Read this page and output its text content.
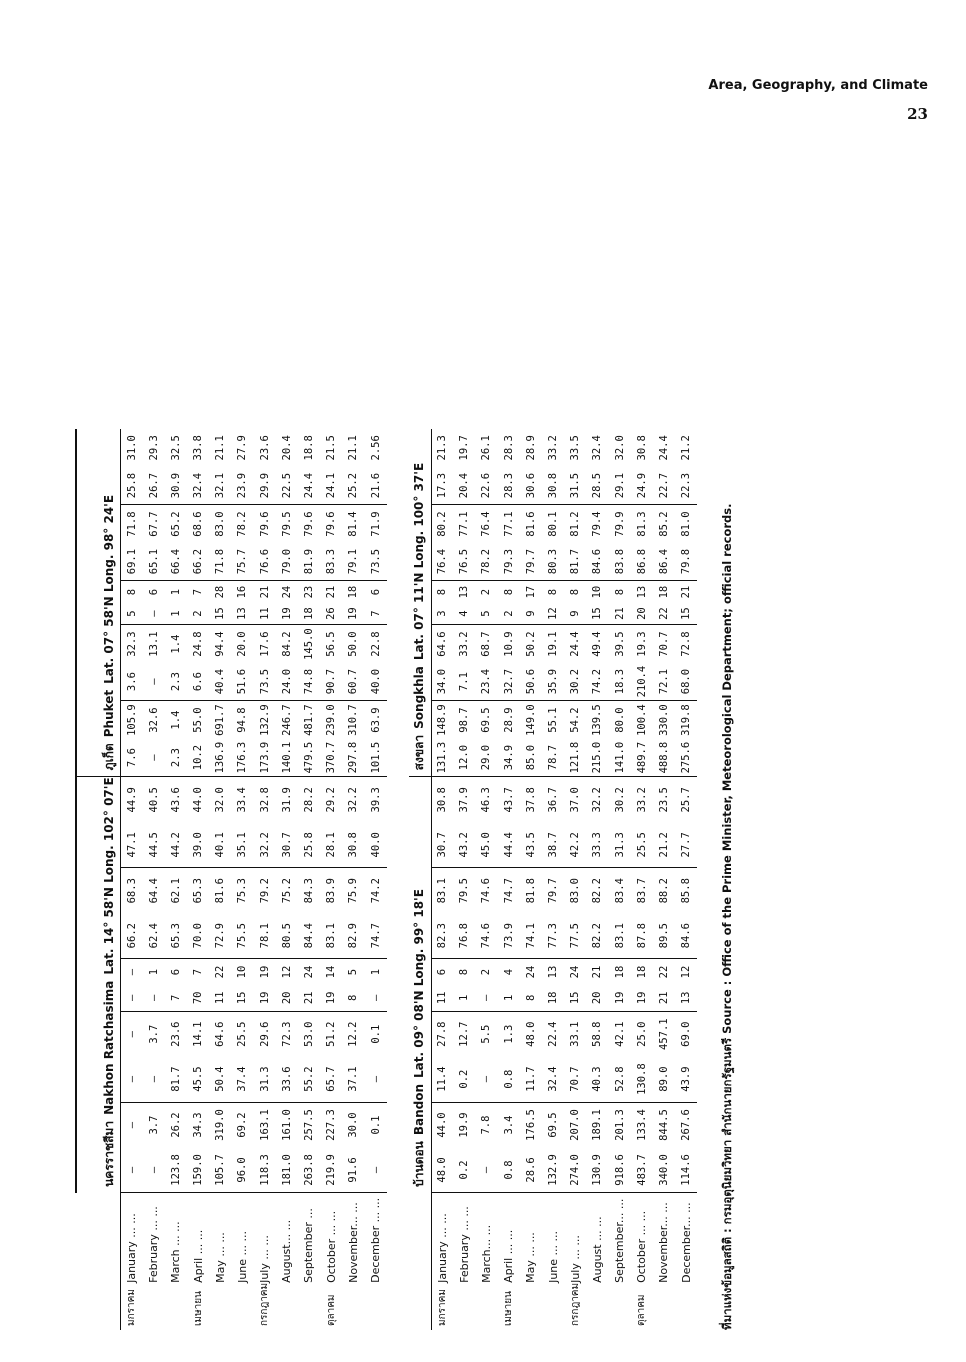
Area, Geography, and Climate
23

		นครราชสีมาNakhon RatchasimaLat. 14° 58'N Long. 102° 07'E										ภูเก็ตPhuketLat. 07° 58'N Long. 98° 24'E									
มกราคม	January ... ...	—	—	—	—	—	—	66.2	68.3	47.1	44.9	7.6	105.9	3.6	32.3	5	8	69.1	71.8	25.8	31.0
	February ... ...	—	3.7	—	3.7	—	1	62.4	64.4	44.5	40.5	—	32.6	—	13.1	—	6	65.1	67.7	26.7	29.3
	March ... ...	123.8	26.2	81.7	23.6	7	6	65.3	62.1	44.2	43.6	2.3	1.4	2.3	1.4	1	1	66.4	65.2	30.9	32.5
เมษายน	April ... ...	159.0	34.3	45.5	14.1	70	7	70.0	65.3	39.0	44.0	10.2	55.0	6.6	24.8	2	7	66.2	68.6	32.4	33.8
	May ... ...	105.7	319.0	50.4	64.6	11	22	72.9	81.6	40.1	32.0	136.9	691.7	40.4	94.4	15	28	71.8	83.0	32.1	21.1
	June ... ...	96.0	69.2	37.4	25.5	15	10	75.5	75.3	35.1	33.4	176.3	94.8	51.6	20.0	13	16	75.7	78.2	23.9	27.9
กรกฎาคม	July ... ...	118.3	163.1	31.3	29.6	19	19	78.1	79.2	32.2	32.8	173.9	132.9	73.5	17.6	11	21	76.6	79.6	29.9	23.6
	August... ...	181.0	161.0	33.6	72.3	20	12	80.5	75.2	30.7	31.9	140.1	246.7	24.0	84.2	19	24	79.0	79.5	22.5	20.4
	September ...	263.8	257.5	55.2	53.0	21	24	84.4	84.3	25.8	28.2	479.5	481.7	74.8	145.0	18	23	81.9	79.6	24.4	18.8
ตุลาคม	October ... ...	219.9	227.3	65.7	51.2	19	14	83.1	83.9	28.1	29.2	370.7	239.0	90.7	56.5	26	21	83.3	79.6	24.1	21.5
	November... ...	91.6	30.0	37.1	12.2	8	5	82.9	75.9	30.8	32.2	297.8	310.7	60.7	50.0	19	18	79.1	81.4	25.2	21.1
	December ... ...	—	0.1	—	0.1	—	1	74.7	74.2	40.0	39.3	101.5	63.9	40.0	22.8	7	6	73.5	71.9	21.6	2.56

		บ้านดอนBandonLat. 09° 08'N Long. 99° 18'E										สงขลาSongkhlaLat. 07° 11'N Long. 100° 37'E									
มกราคม	January ... ...	48.0	44.0	11.4	27.8	11	6	82.3	83.1	30.7	30.8	131.3	148.9	34.0	64.6	3	8	76.4	80.2	17.3	21.3
	February ... ...	0.2	19.9	0.2	12.7	1	8	76.8	79.5	43.2	37.9	12.0	98.7	7.1	33.2	4	13	76.5	77.1	20.4	19.7
	March... ...	—	7.8	—	5.5	—	2	74.6	74.6	45.0	46.3	29.0	69.5	23.4	68.7	5	2	78.2	76.4	22.6	26.1
เมษายน	April ... ...	0.8	3.4	0.8	1.3	1	4	73.9	74.7	44.4	43.7	34.9	28.9	32.7	10.9	2	8	79.3	77.1	28.3	28.3
	May ... ...	28.6	176.5	11.7	48.0	8	24	74.1	81.8	43.5	37.8	85.0	149.0	50.6	50.2	9	17	79.7	81.6	30.6	28.9
	June ... ...	132.9	69.5	32.4	22.4	18	13	77.3	79.7	38.7	36.7	78.7	55.1	35.9	19.1	12	8	80.3	80.1	30.8	33.2
กรกฎาคม	July ... ...	274.0	207.0	70.7	33.1	15	24	77.5	83.0	42.2	37.0	121.8	54.2	30.2	24.4	9	8	81.7	81.2	31.5	33.5
	August ... ...	130.9	189.1	40.3	58.8	20	21	82.2	82.2	33.3	32.2	215.0	139.5	74.2	49.4	15	10	84.6	79.4	28.5	32.4
	September... ...	918.6	201.3	52.8	42.1	19	18	83.1	83.4	31.3	30.2	141.0	80.0	18.3	39.5	21	8	83.8	79.9	29.1	32.0
ตุลาคม	October ... ...	483.7	133.4	130.8	25.0	19	18	87.8	83.7	25.5	33.2	489.7	100.4	210.4	19.3	20	13	86.8	81.3	24.9	30.8
	November... ...	340.0	844.5	89.0	457.1	21	22	89.5	88.2	21.2	23.5	488.8	330.0	72.1	70.7	22	18	86.4	85.2	22.7	24.4
	December... ...	114.6	267.6	43.9	69.0	13	12	84.6	85.8	27.7	25.7	275.6	319.8	68.0	72.8	15	21	79.8	81.0	22.3	21.2
ที่มาแห่งข้อมูลสถิติ : กรมอุตุนิยมวิทยา สำนักนายกรัฐมนตรี Source : Office of the Prime Minister, Meteorological Department; official records.
